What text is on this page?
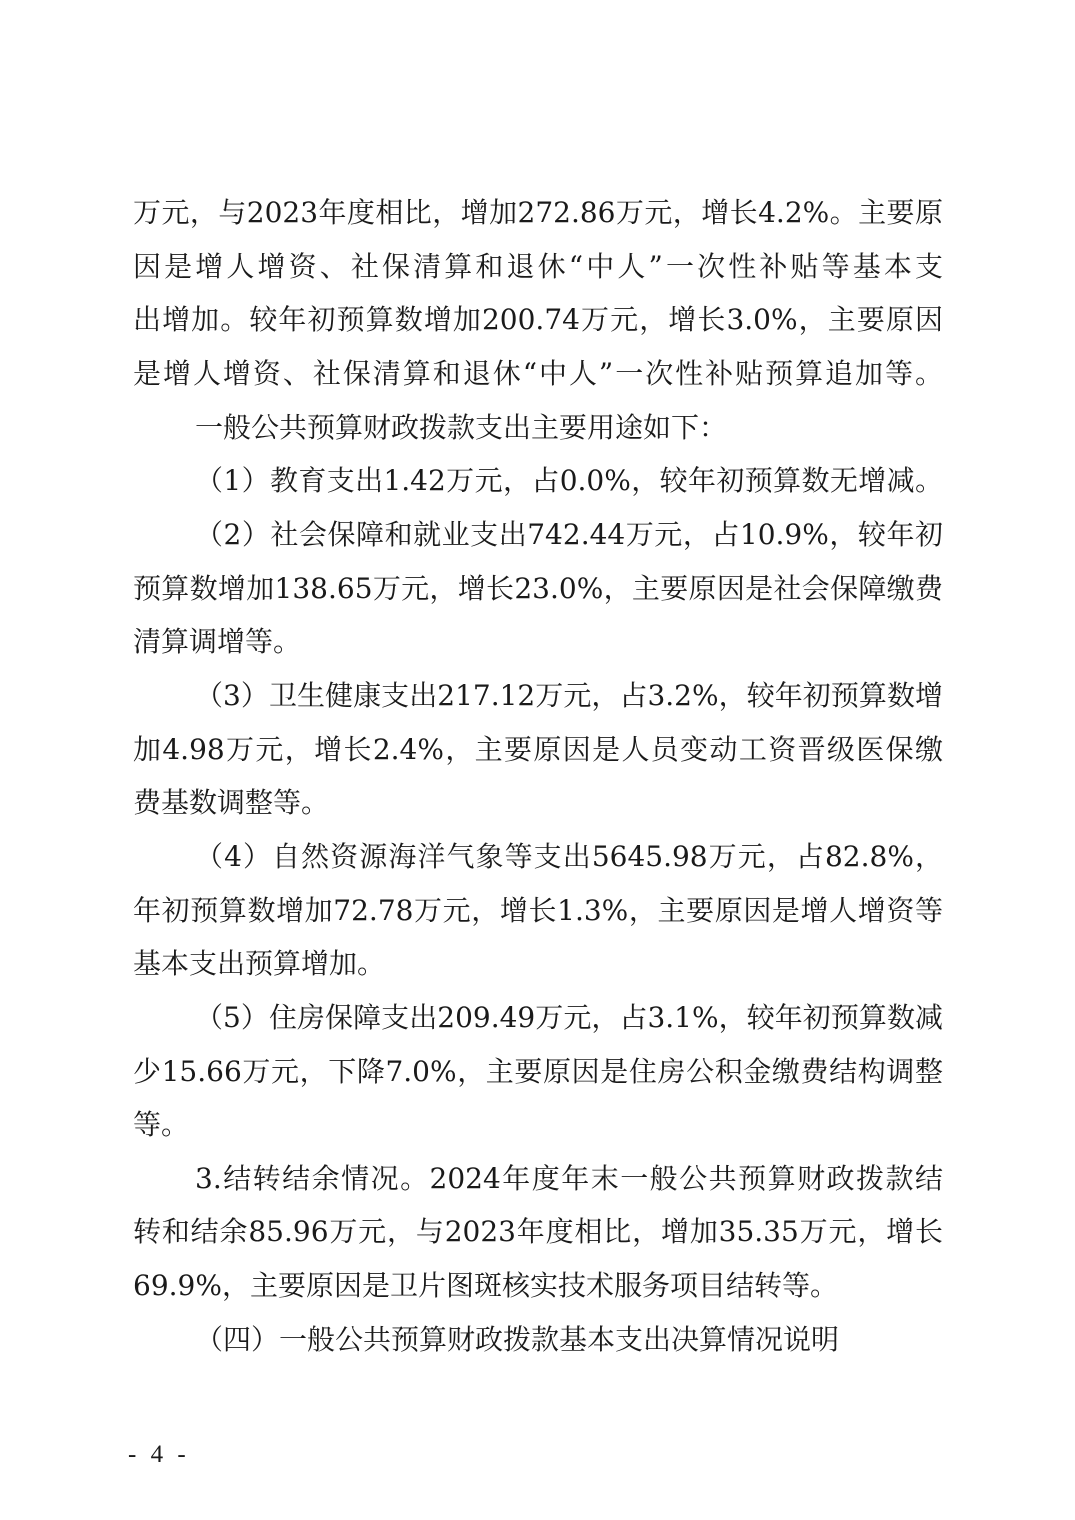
万元，与2023年度相比，增加272.86万元，增长4.2%。主要原
因是增人增资、社保清算和退休“中人”一次性补贴等基本支
出增加。较年初预算数增加200.74万元，增长3.0%，主要原因
是增人增资、社保清算和退休“中人”一次性补贴预算追加等。
一般公共预算财政拨款支出主要用途如下：
（1）教育支出1.42万元，占0.0%，较年初预算数无增减。
（2）社会保障和就业支出742.44万元，占10.9%，较年初
预算数增加138.65万元，增长23.0%，主要原因是社会保障缴费
清算调增等。
（3）卫生健康支出217.12万元，占3.2%，较年初预算数增
加4.98万元，增长2.4%，主要原因是人员变动工资晋级医保缴
费基数调整等。
（4）自然资源海洋气象等支出5645.98万元，占82.8%，
年初预算数增加72.78万元，增长1.3%，主要原因是增人增资等
基本支出预算增加。
（5）住房保障支出209.49万元，占3.1%，较年初预算数减
少15.66万元，下降7.0%，主要原因是住房公积金缴费结构调整
等。
3.结转结余情况。2024年度年末一般公共预算财政拨款结
转和结余85.96万元，与2023年度相比，增加35.35万元，增长
69.9%，主要原因是卫片图斑核实技术服务项目结转等。
（四）一般公共预算财政拨款基本支出决算情况说明
- 4 -
